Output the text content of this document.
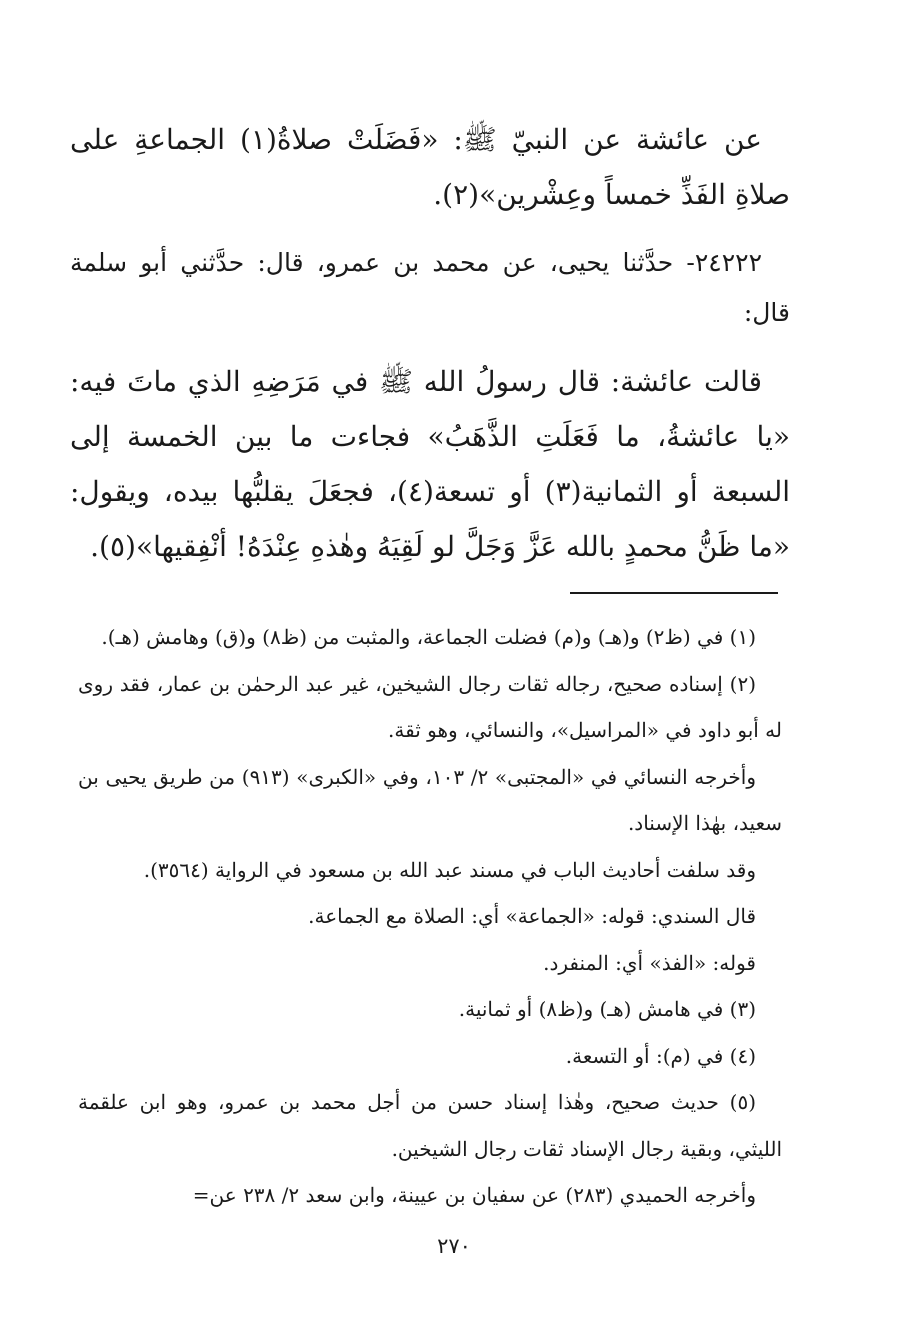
عن عائشة عن النبيّ ﷺ: «فَضَلَتْ صلاةُ(١) الجماعةِ على صلاةِ الفَذِّ خمساً وعِشْرين»(٢).

٢٤٢٢٢- حدَّثنا يحيى، عن محمد بن عمرو، قال: حدَّثني أبو سلمة قال:

قالت عائشة: قال رسولُ الله ﷺ في مَرَضِهِ الذي ماتَ فيه: «يا عائشةُ، ما فَعَلَتِ الذَّهَبُ» فجاءت ما بين الخمسة إلى السبعة أو الثمانية(٣) أو تسعة(٤)، فجعَلَ يقلبُّها بيده، ويقول: «ما ظَنُّ محمدٍ بالله عَزَّ وَجَلَّ لو لَقِيَهُ وهٰذهِ عِنْدَهُ! أنْفِقيها»(٥).

(١) في (ظ٢) و(هـ) و(م) فضلت الجماعة، والمثبت من (ظ٨) و(ق) وهامش (هـ).

(٢) إسناده صحيح، رجاله ثقات رجال الشيخين، غير عبد الرحمٰن بن عمار، فقد روى له أبو داود في «المراسيل»، والنسائي، وهو ثقة.

وأخرجه النسائي في «المجتبى» ٢/ ١٠٣، وفي «الكبرى» (٩١٣) من طريق يحيى بن سعيد، بهٰذا الإسناد.

وقد سلفت أحاديث الباب في مسند عبد الله بن مسعود في الرواية (٣٥٦٤).

قال السندي: قوله: «الجماعة» أي: الصلاة مع الجماعة.

قوله: «الفذ» أي: المنفرد.

(٣) في هامش (هـ) و(ظ٨) أو ثمانية.

(٤) في (م): أو التسعة.

(٥) حديث صحيح، وهٰذا إسناد حسن من أجل محمد بن عمرو، وهو ابن علقمة الليثي، وبقية رجال الإسناد ثقات رجال الشيخين.

وأخرجه الحميدي (٢٨٣) عن سفيان بن عيينة، وابن سعد ٢/ ٢٣٨ عن=

٢٧٠
